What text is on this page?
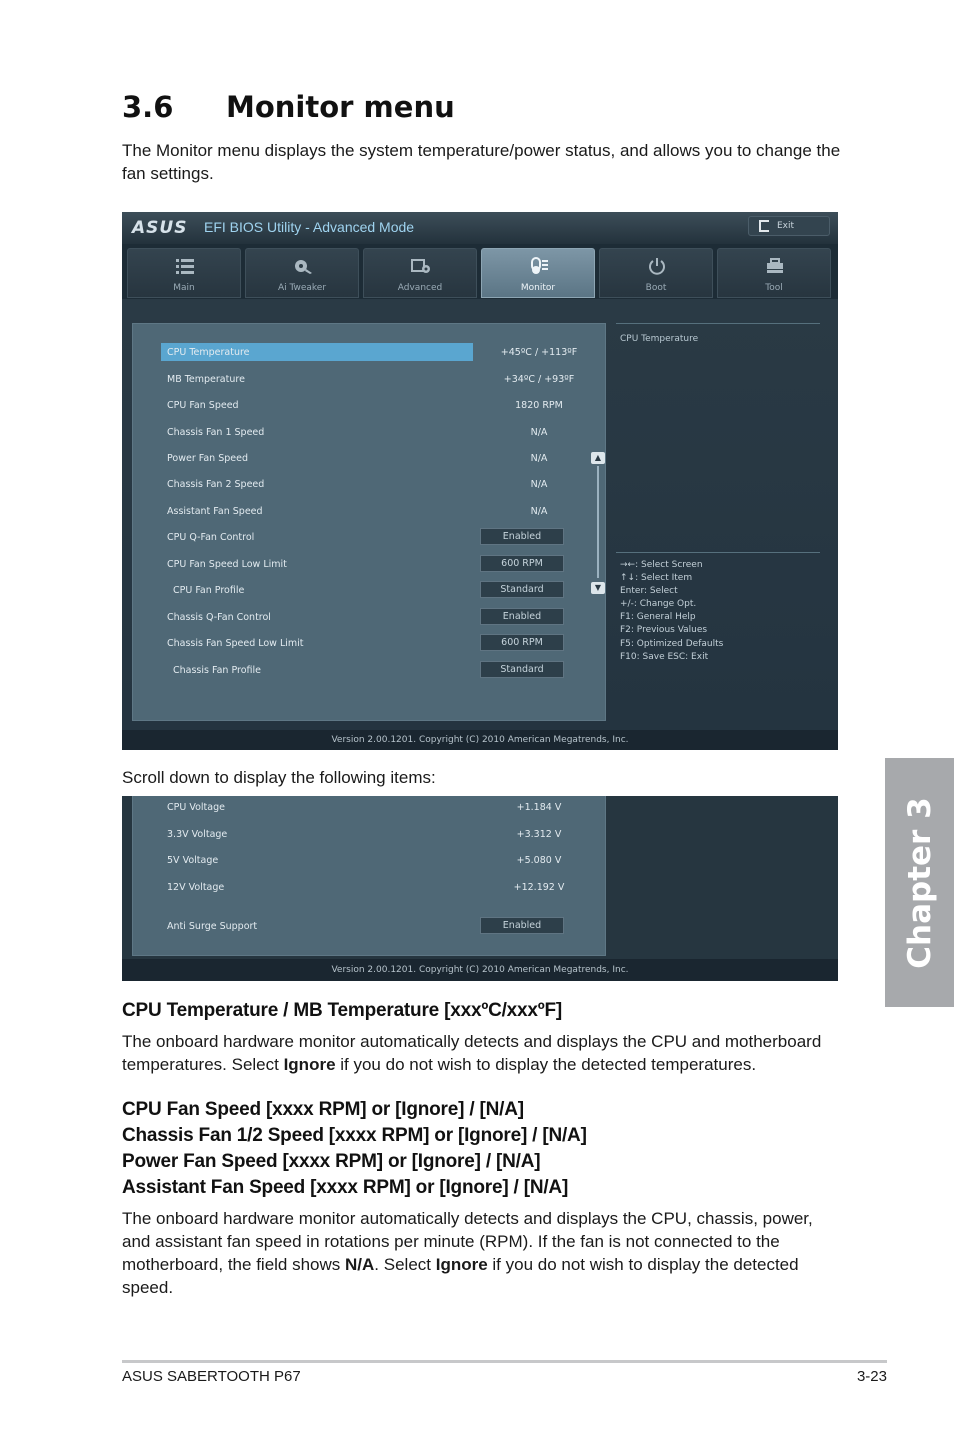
3.6 Monitor menu
The Monitor menu displays the system temperature/power status, and allows you to change the fan settings.
Chapter 3
ASUS	EFI BIOS Utility - Advanced Mode	Exit
Main	Ai Tweaker	Advanced	Monitor	Boot	Tool
CPU Temperature	+45ºC / +113ºF
MB Temperature	+34ºC / +93ºF
CPU Fan Speed	1820 RPM
Chassis Fan 1 Speed	N/A
Power Fan Speed	N/A
Chassis Fan 2 Speed	N/A
Assistant Fan Speed	N/A
CPU Q-Fan Control	Enabled
CPU Fan Speed Low Limit	600 RPM
CPU Fan Profile	Standard
Chassis Q-Fan Control	Enabled
Chassis Fan Speed Low Limit	600 RPM
Chassis Fan Profile	Standard
▲
▼
CPU Temperature
→←: Select Screen
↑↓: Select Item
Enter: Select
+/-: Change Opt.
F1: General Help
F2: Previous Values
F5: Optimized Defaults
F10: Save ESC: Exit
Version 2.00.1201. Copyright (C) 2010 American Megatrends, Inc.
Scroll down to display the following items:
CPU Voltage	+1.184 V
3.3V Voltage	+3.312 V
5V Voltage	+5.080 V
12V Voltage	+12.192 V
Anti Surge Support	Enabled
Version 2.00.1201. Copyright (C) 2010 American Megatrends, Inc.
CPU Temperature / MB Temperature [xxxºC/xxxºF]
The onboard hardware monitor automatically detects and displays the CPU and motherboard temperatures. Select Ignore if you do not wish to display the detected temperatures.
CPU Fan Speed [xxxx RPM] or [Ignore] / [N/A]
Chassis Fan 1/2 Speed [xxxx RPM] or [Ignore] / [N/A]
Power Fan Speed [xxxx RPM] or [Ignore] / [N/A]
Assistant Fan Speed [xxxx RPM] or [Ignore] / [N/A]
The onboard hardware monitor automatically detects and displays the CPU, chassis, power, and assistant fan speed in rotations per minute (RPM). If the fan is not connected to the motherboard, the field shows N/A. Select Ignore if you do not wish to display the detected speed.
ASUS SABERTOOTH P67	3-23
